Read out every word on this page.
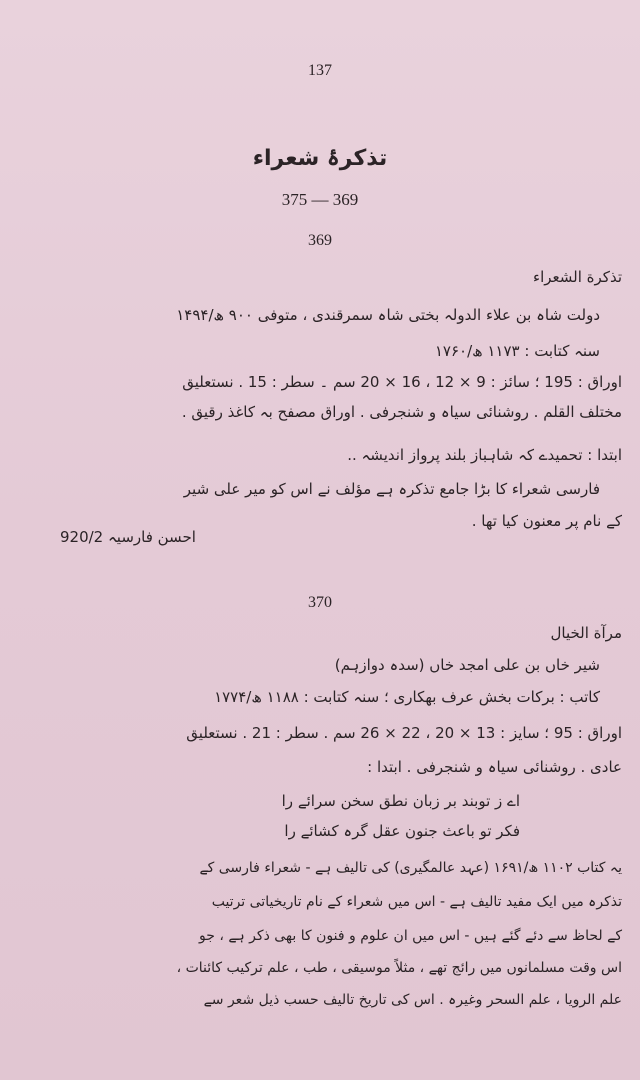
137
تذکرۂ شعراء
375 — 369
369
تذکرة الشعراء
دولت شاہ بن علاء الدولہ بختی شاہ سمرقندی ، متوفی ۹۰۰ ھ/۱۴۹۴
سنہ کتابت : ۱۱۷۳ ھ/۱۷۶۰
اوراق : 195 ؛ سائز : 9 × 12 ، 16 × 20 سم ۔ سطر : 15 . نستعلیق
مختلف القلم . روشنائی سیاہ و شنجرفی . اوراق مصفح بہ کاغذ رقیق .
ابتدا : تحمیدے کہ شاہباز بلند پرواز اندیشہ ..
فارسی شعراء کا بڑا جامع تذکرہ ہے مؤلف نے اس کو میر علی شیر
کے نام پر معنون کیا تھا .
احسن فارسیہ 920/2
370
مرآة الخیال
شیر خاں بن علی امجد خاں (سدہ دوازہم)
کاتب : برکات بخش عرف بھکاری ؛ سنہ کتابت : ۱۱۸۸ ھ/۱۷۷۴
اوراق : 95 ؛ سایز : 13 × 20 ، 22 × 26 سم . سطر : 21 . نستعلیق
عادی . روشنائی سیاہ و شنجرفی . ابتدا :
اے ز توبند بر زبان نطق سخن سرائے را
فکر تو باعث جنون عقل گرہ کشائے را
یہ کتاب ۱۱۰۲ ھ/۱۶۹۱ (عہد عالمگیری) کی تالیف ہے - شعراء فارسی کے
تذکرہ میں ایک مفید تالیف ہے - اس میں شعراء کے نام تاریخیاتی ترتیب
کے لحاظ سے دئے گئے ہیں - اس میں ان علوم و فنون کا بھی ذکر ہے ، جو
اس وقت مسلمانوں میں رائج تھے ، مثلاً موسیقی ، طب ، علم ترکیب کائنات ،
علم الرویا ، علم السحر وغیرہ . اس کی تاریخ تالیف حسب ذیل شعر سے
